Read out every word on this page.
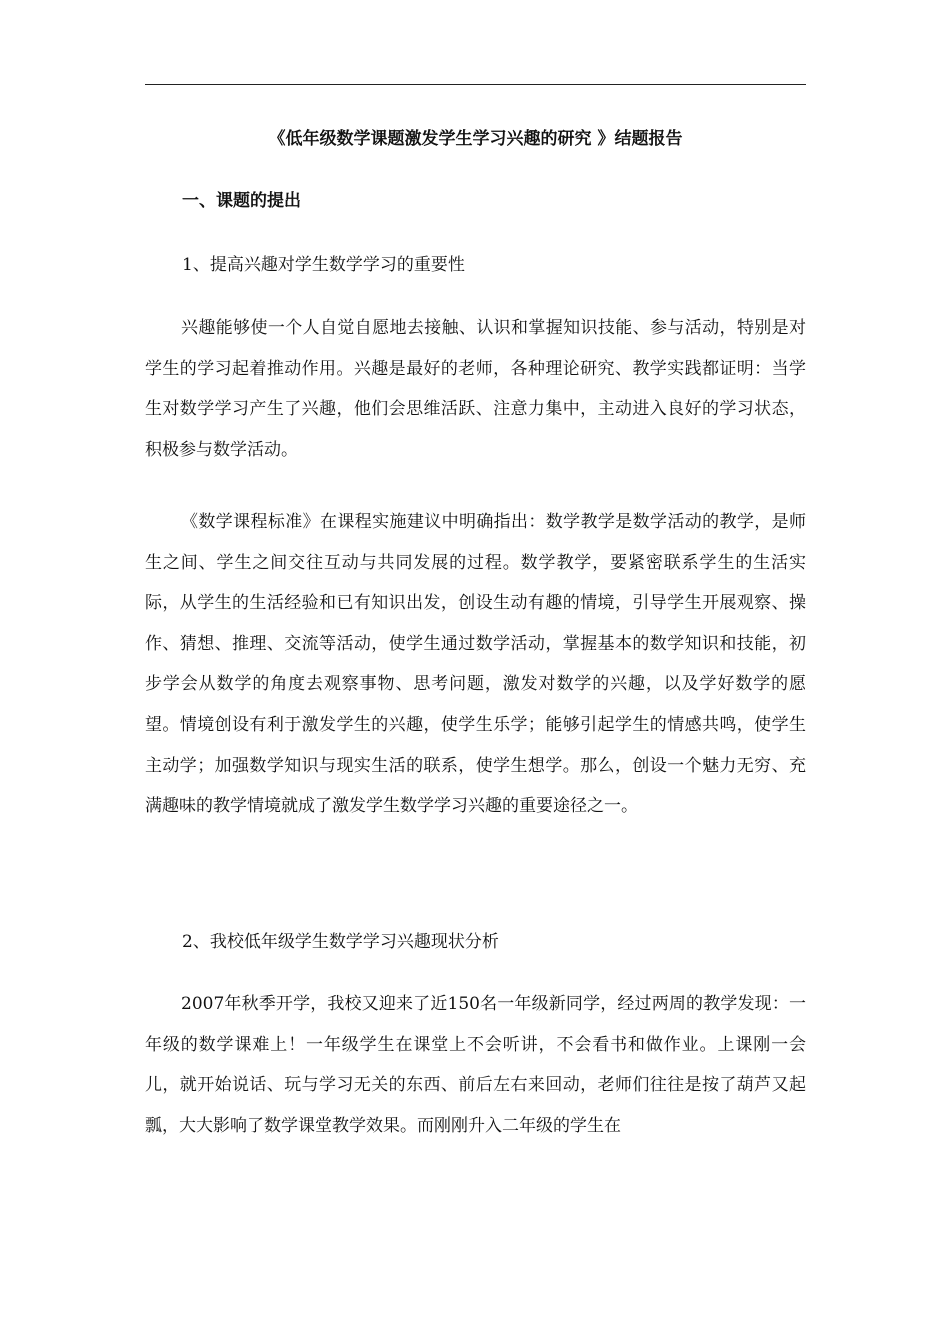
《低年级数学课题激发学生学习兴趣的研究 》结题报告
一、课题的提出
1、提高兴趣对学生数学学习的重要性
兴趣能够使一个人自觉自愿地去接触、认识和掌握知识技能、参与活动，特别是对学生的学习起着推动作用。兴趣是最好的老师，各种理论研究、教学实践都证明：当学生对数学学习产生了兴趣，他们会思维活跃、注意力集中，主动进入良好的学习状态，积极参与数学活动。
《数学课程标准》在课程实施建议中明确指出：数学教学是数学活动的教学，是师生之间、学生之间交往互动与共同发展的过程。数学教学，要紧密联系学生的生活实际，从学生的生活经验和已有知识出发，创设生动有趣的情境，引导学生开展观察、操作、猜想、推理、交流等活动，使学生通过数学活动，掌握基本的数学知识和技能，初步学会从数学的角度去观察事物、思考问题，激发对数学的兴趣，以及学好数学的愿望。情境创设有利于激发学生的兴趣，使学生乐学；能够引起学生的情感共鸣，使学生主动学；加强数学知识与现实生活的联系，使学生想学。那么，创设一个魅力无穷、充满趣味的教学情境就成了激发学生数学学习兴趣的重要途径之一。
2、我校低年级学生数学学习兴趣现状分析
2007年秋季开学，我校又迎来了近150名一年级新同学，经过两周的教学发现：一年级的数学课难上！一年级学生在课堂上不会听讲，不会看书和做作业。上课刚一会儿，就开始说话、玩与学习无关的东西、前后左右来回动，老师们往往是按了葫芦又起瓢，大大影响了数学课堂教学效果。而刚刚升入二年级的学生在
